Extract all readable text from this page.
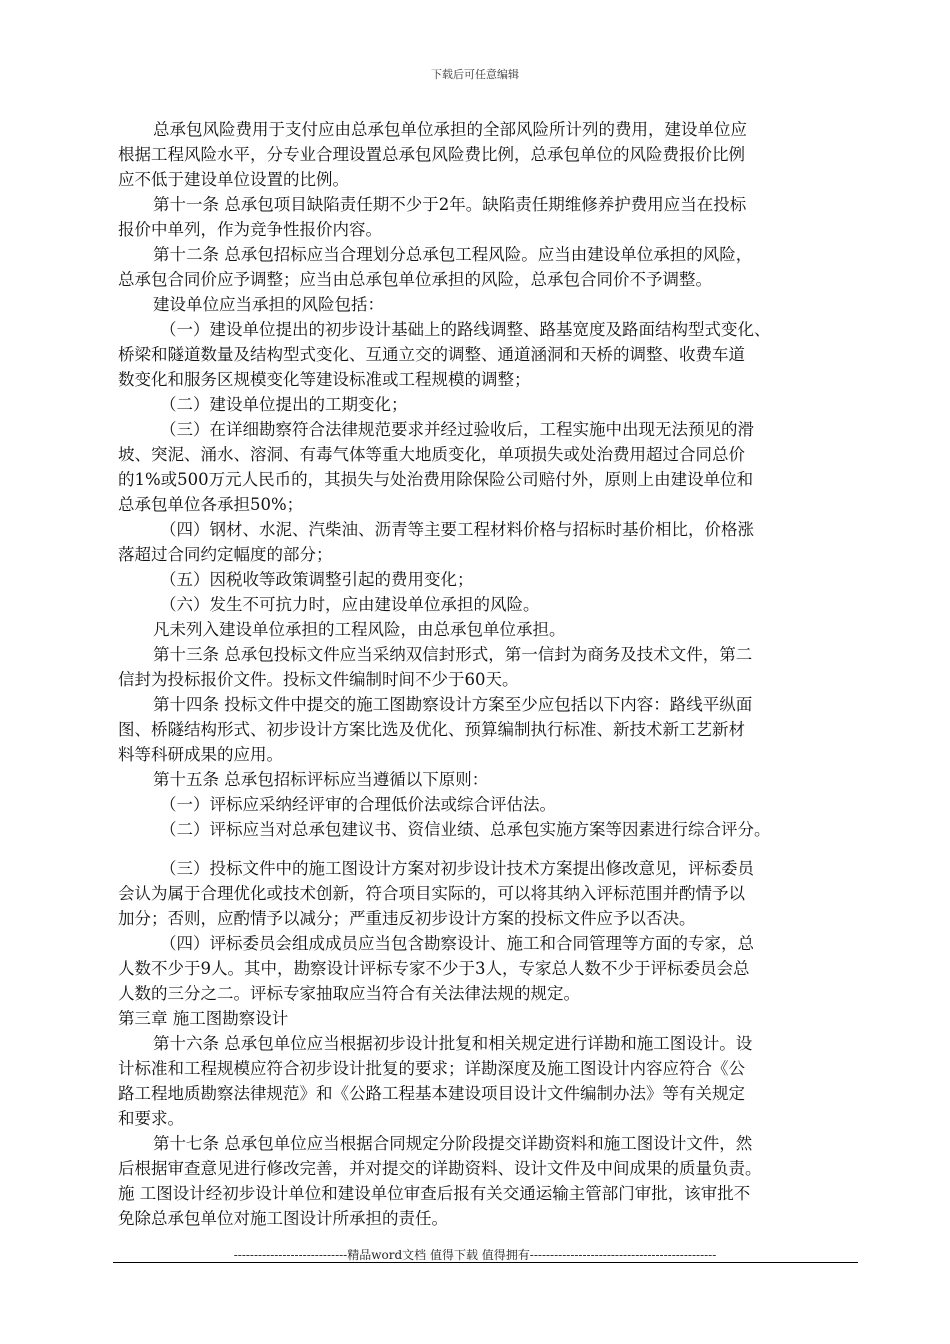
下载后可任意编辑
总承包风险费用于支付应由总承包单位承担的全部风险所计列的费用，建设单位应
根据工程风险水平，分专业合理设置总承包风险费比例，总承包单位的风险费报价比例
应不低于建设单位设置的比例。
第十一条 总承包项目缺陷责任期不少于2年。缺陷责任期维修养护费用应当在投标
报价中单列，作为竞争性报价内容。
第十二条 总承包招标应当合理划分总承包工程风险。应当由建设单位承担的风险，
总承包合同价应予调整；应当由总承包单位承担的风险，总承包合同价不予调整。
建设单位应当承担的风险包括：
（一）建设单位提出的初步设计基础上的路线调整、路基宽度及路面结构型式变化、
桥梁和隧道数量及结构型式变化、互通立交的调整、通道涵洞和天桥的调整、收费车道
数变化和服务区规模变化等建设标准或工程规模的调整；
（二）建设单位提出的工期变化；
（三）在详细勘察符合法律规范要求并经过验收后，工程实施中出现无法预见的滑
坡、突泥、涌水、溶洞、有毒气体等重大地质变化，单项损失或处治费用超过合同总价
的1%或500万元人民币的，其损失与处治费用除保险公司赔付外，原则上由建设单位和
总承包单位各承担50%；
（四）钢材、水泥、汽柴油、沥青等主要工程材料价格与招标时基价相比，价格涨
落超过合同约定幅度的部分；
（五）因税收等政策调整引起的费用变化；
（六）发生不可抗力时，应由建设单位承担的风险。
凡未列入建设单位承担的工程风险，由总承包单位承担。
第十三条 总承包投标文件应当采纳双信封形式，第一信封为商务及技术文件，第二
信封为投标报价文件。投标文件编制时间不少于60天。
第十四条 投标文件中提交的施工图勘察设计方案至少应包括以下内容：路线平纵面
图、桥隧结构形式、初步设计方案比选及优化、预算编制执行标准、新技术新工艺新材
料等科研成果的应用。
第十五条 总承包招标评标应当遵循以下原则：
（一）评标应采纳经评审的合理低价法或综合评估法。
（二）评标应当对总承包建议书、资信业绩、总承包实施方案等因素进行综合评分。
（三）投标文件中的施工图设计方案对初步设计技术方案提出修改意见，评标委员
会认为属于合理优化或技术创新，符合项目实际的，可以将其纳入评标范围并酌情予以
加分；否则，应酌情予以减分；严重违反初步设计方案的投标文件应予以否决。
（四）评标委员会组成成员应当包含勘察设计、施工和合同管理等方面的专家，总
人数不少于9人。其中，勘察设计评标专家不少于3人，专家总人数不少于评标委员会总
人数的三分之二。评标专家抽取应当符合有关法律法规的规定。
第三章 施工图勘察设计
第十六条 总承包单位应当根据初步设计批复和相关规定进行详勘和施工图设计。设
计标准和工程规模应符合初步设计批复的要求；详勘深度及施工图设计内容应符合《公
路工程地质勘察法律规范》和《公路工程基本建设项目设计文件编制办法》等有关规定
和要求。
第十七条 总承包单位应当根据合同规定分阶段提交详勘资料和施工图设计文件，然
后根据审查意见进行修改完善，并对提交的详勘资料、设计文件及中间成果的质量负责。
施 工图设计经初步设计单位和建设单位审查后报有关交通运输主管部门审批，该审批不
免除总承包单位对施工图设计所承担的责任。
----------------------------精品word文档 值得下载 值得拥有----------------------------------------------
